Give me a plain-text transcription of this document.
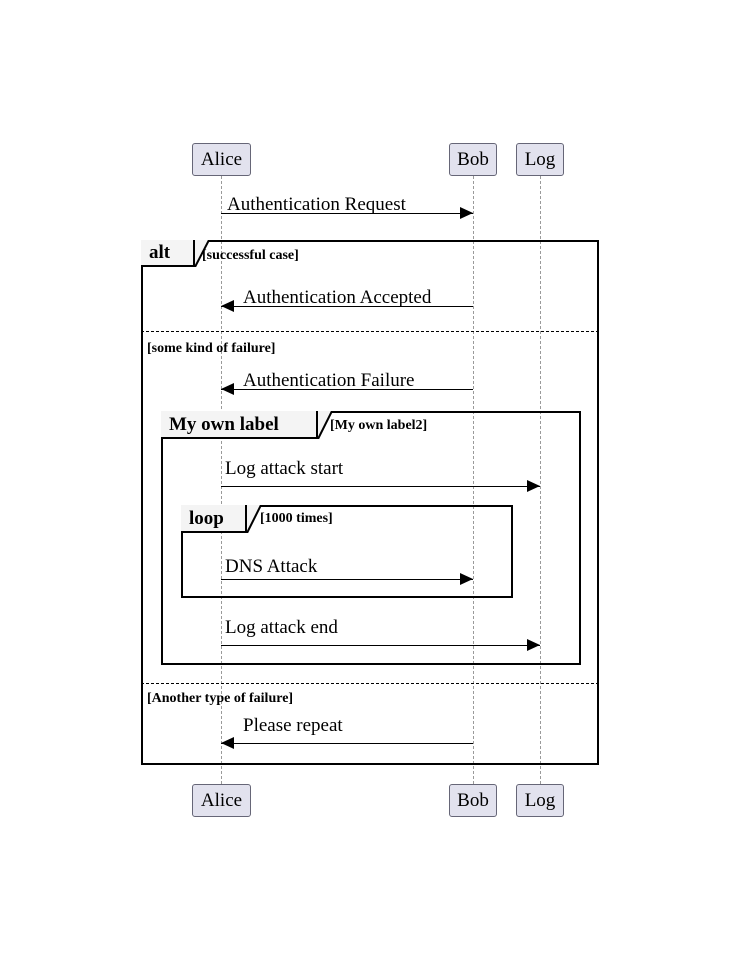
Alice	Bob Log
Authentication Request
alt [successful case]
Authentication Accepted
[some kind of failure]
Authentication Failure
My own label	[My own label2]
Log attack start
loop	[1000 times]
DNS Attack
Log attack end
[Another type of failure]
Please repeat
Alice	Bob Log
